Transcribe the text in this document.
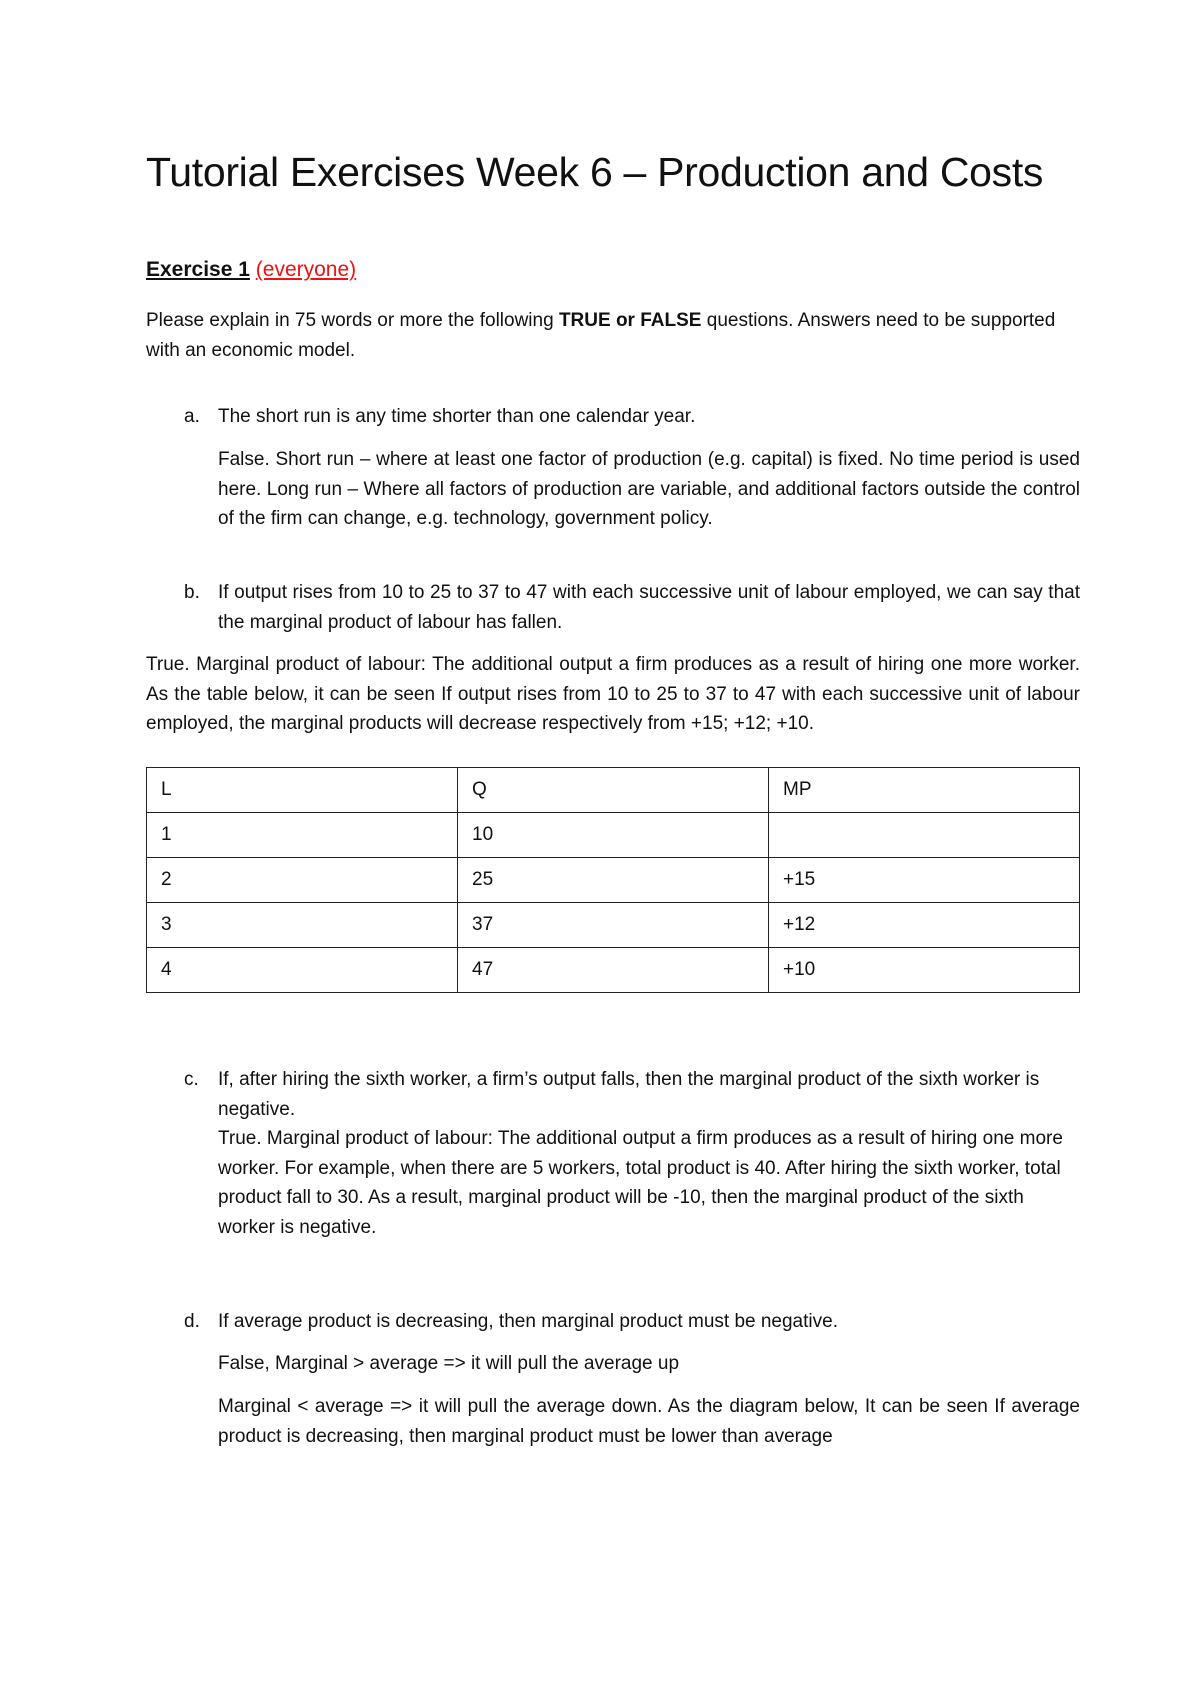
Tutorial Exercises Week 6 – Production and Costs
Exercise 1 (everyone)
Please explain in 75 words or more the following TRUE or FALSE questions. Answers need to be supported with an economic model.
a. The short run is any time shorter than one calendar year.
False. Short run – where at least one factor of production (e.g. capital) is fixed. No time period is used here. Long run – Where all factors of production are variable, and additional factors outside the control of the firm can change, e.g. technology, government policy.
b. If output rises from 10 to 25 to 37 to 47 with each successive unit of labour employed, we can say that the marginal product of labour has fallen.
True. Marginal product of labour: The additional output a firm produces as a result of hiring one more worker. As the table below, it can be seen If output rises from 10 to 25 to 37 to 47 with each successive unit of labour employed, the marginal products will decrease respectively from +15; +12; +10.
L	Q	MP
1	10	
2	25	+15
3	37	+12
4	47	+10
c. If, after hiring the sixth worker, a firm’s output falls, then the marginal product of the sixth worker is negative.
True. Marginal product of labour: The additional output a firm produces as a result of hiring one more worker. For example, when there are 5 workers, total product is 40. After hiring the sixth worker, total product fall to 30. As a result, marginal product will be -10, then the marginal product of the sixth worker is negative.
d. If average product is decreasing, then marginal product must be negative.
False, Marginal > average => it will pull the average up
Marginal < average => it will pull the average down. As the diagram below, It can be seen If average product is decreasing, then marginal product must be lower than average
